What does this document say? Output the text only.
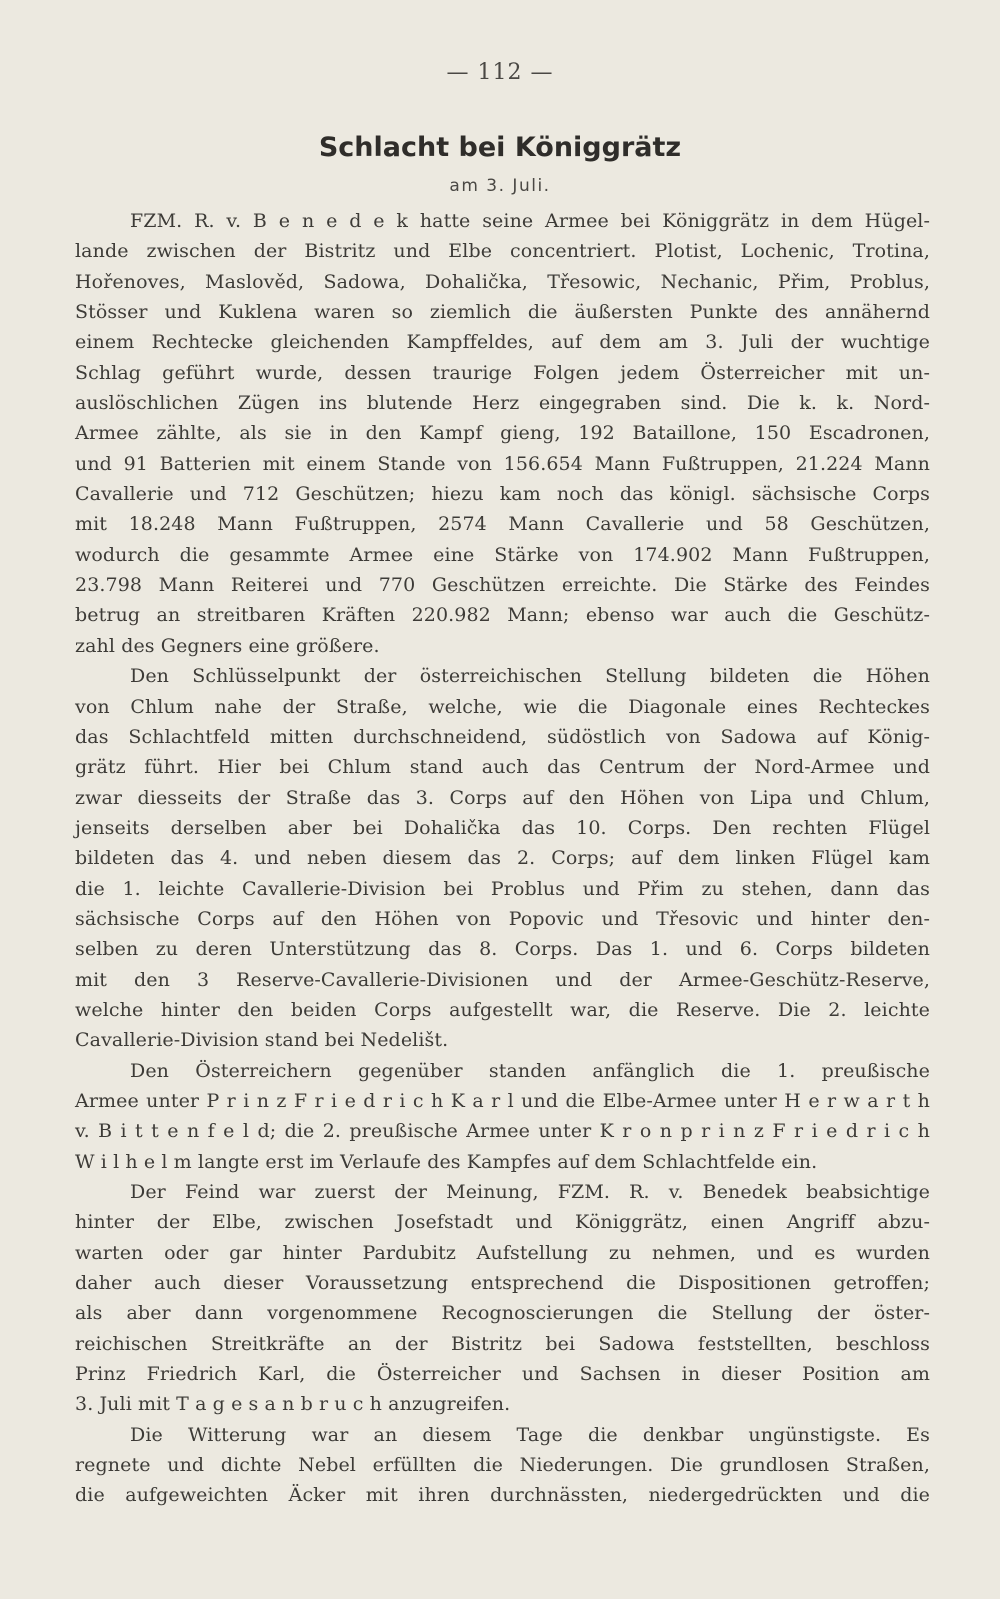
— 112 —
Schlacht bei Königgrätz
am 3. Juli.
FZM. R. v. B e n e d e k hatte seine Armee bei Königgrätz in dem Hügel-
lande zwischen der Bistritz und Elbe concentriert. Plotist, Lochenic, Trotina,
Hořenoves, Maslověd, Sadowa, Dohalička, Třesowic, Nechanic, Přim, Problus,
Stösser und Kuklena waren so ziemlich die äußersten Punkte des annähernd
einem Rechtecke gleichenden Kampffeldes, auf dem am 3. Juli der wuchtige
Schlag geführt wurde, dessen traurige Folgen jedem Österreicher mit un-
auslöschlichen Zügen ins blutende Herz eingegraben sind. Die k. k. Nord-
Armee zählte, als sie in den Kampf gieng, 192 Bataillone, 150 Escadronen,
und 91 Batterien mit einem Stande von 156.654 Mann Fußtruppen, 21.224 Mann
Cavallerie und 712 Geschützen; hiezu kam noch das königl. sächsische Corps
mit 18.248 Mann Fußtruppen, 2574 Mann Cavallerie und 58 Geschützen,
wodurch die gesammte Armee eine Stärke von 174.902 Mann Fußtruppen,
23.798 Mann Reiterei und 770 Geschützen erreichte. Die Stärke des Feindes
betrug an streitbaren Kräften 220.982 Mann; ebenso war auch die Geschütz-
zahl des Gegners eine größere.
Den Schlüsselpunkt der österreichischen Stellung bildeten die Höhen
von Chlum nahe der Straße, welche, wie die Diagonale eines Rechteckes
das Schlachtfeld mitten durchschneidend, südöstlich von Sadowa auf König-
grätz führt. Hier bei Chlum stand auch das Centrum der Nord-Armee und
zwar diesseits der Straße das 3. Corps auf den Höhen von Lipa und Chlum,
jenseits derselben aber bei Dohalička das 10. Corps. Den rechten Flügel
bildeten das 4. und neben diesem das 2. Corps; auf dem linken Flügel kam
die 1. leichte Cavallerie-Division bei Problus und Přim zu stehen, dann das
sächsische Corps auf den Höhen von Popovic und Třesovic und hinter den-
selben zu deren Unterstützung das 8. Corps. Das 1. und 6. Corps bildeten
mit den 3 Reserve-Cavallerie-Divisionen und der Armee-Geschütz-Reserve,
welche hinter den beiden Corps aufgestellt war, die Reserve. Die 2. leichte
Cavallerie-Division stand bei Nedelišt.
Den Österreichern gegenüber standen anfänglich die 1. preußische
Armee unter P r i n z F r i e d r i c h K a r l und die Elbe-Armee unter H e r w a r t h
v. B i t t e n f e l d; die 2. preußische Armee unter K r o n p r i n z F r i e d r i c h
W i l h e l m langte erst im Verlaufe des Kampfes auf dem Schlachtfelde ein.
Der Feind war zuerst der Meinung, FZM. R. v. Benedek beabsichtige
hinter der Elbe, zwischen Josefstadt und Königgrätz, einen Angriff abzu-
warten oder gar hinter Pardubitz Aufstellung zu nehmen, und es wurden
daher auch dieser Voraussetzung entsprechend die Dispositionen getroffen;
als aber dann vorgenommene Recognoscierungen die Stellung der öster-
reichischen Streitkräfte an der Bistritz bei Sadowa feststellten, beschloss
Prinz Friedrich Karl, die Österreicher und Sachsen in dieser Position am
3. Juli mit T a g e s a n b r u c h anzugreifen.
Die Witterung war an diesem Tage die denkbar ungünstigste. Es
regnete und dichte Nebel erfüllten die Niederungen. Die grundlosen Straßen,
die aufgeweichten Äcker mit ihren durchnässten, niedergedrückten und die
